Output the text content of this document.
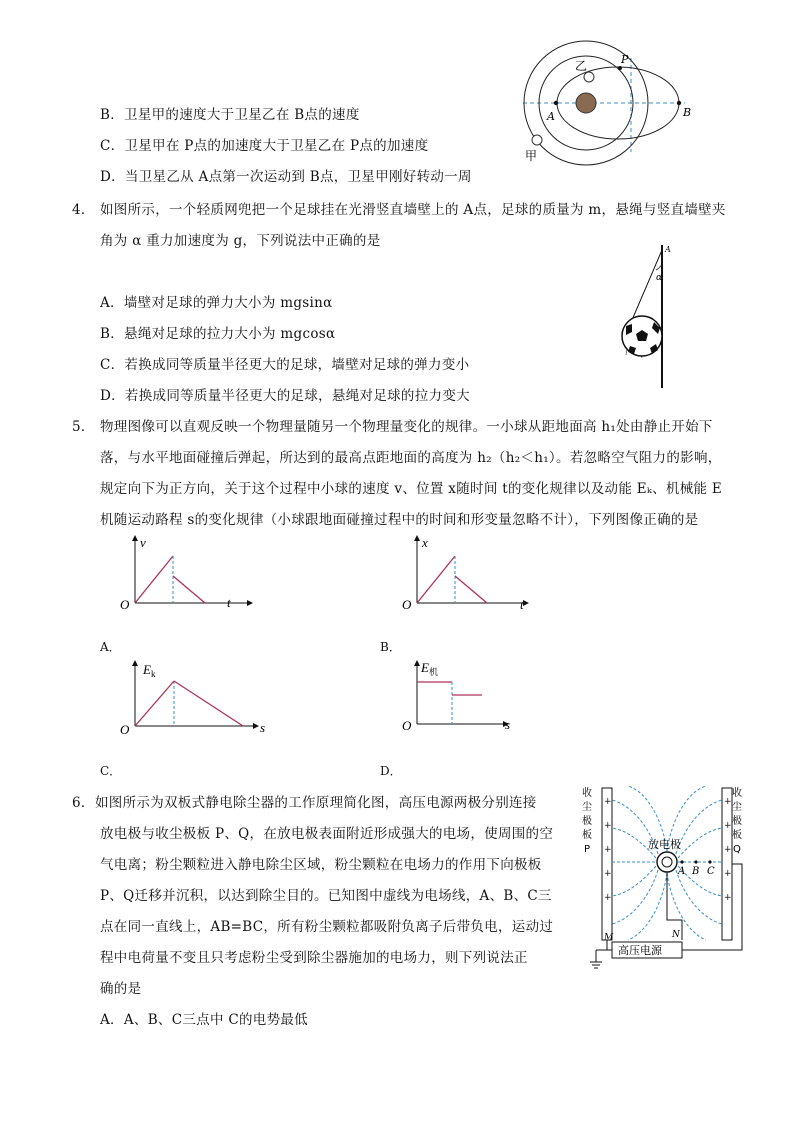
B．卫星甲的速度大于卫星乙在 B点的速度
C．卫星甲在 P点的加速度大于卫星乙在 P点的加速度
D．当卫星乙从 A点第一次运动到 B点，卫星甲刚好转动一周
乙	P
A	B
甲
4． 如图所示，一个轻质网兜把一个足球挂在光滑竖直墙壁上的 A点，足球的质量为 m，悬绳与竖直墙壁夹
角为 α 重力加速度为 g，下列说法中正确的是
A．墙壁对足球的弹力大小为 mgsinα
B．悬绳对足球的拉力大小为 mgcosα
C．若换成同等质量半径更大的足球，墙壁对足球的弹力变小
D．若换成同等质量半径更大的足球，悬绳对足球的拉力变大
A
α
5． 物理图像可以直观反映一个物理量随另一个物理量变化的规律。一小球从距地面高 h₁处由静止开始下
落，与水平地面碰撞后弹起，所达到的最高点距地面的高度为 h₂（h₂＜h₁）。若忽略空气阻力的影响，
规定向下为正方向，关于这个过程中小球的速度 v、位置 x随时间 t的变化规律以及动能 Eₖ、机械能 E
机随运动路程 s的变化规律（小球跟地面碰撞过程中的时间和形变量忽略不计），下列图像正确的是
v
t
O
A．
x
t
O
B．
$E_k$
s
O
C．
$E_机$
s
O
D．
6． 如图所示为双板式静电除尘器的工作原理简化图，高压电源两极分别连接
放电极与收尘极板 P、Q，在放电极表面附近形成强大的电场，使周围的空
气电离；粉尘颗粒进入静电除尘区域，粉尘颗粒在电场力的作用下向极板
P、Q迁移并沉积，以达到除尘目的。已知图中虚线为电场线，A、B、C三
点在同一直线上，AB=BC，所有粉尘颗粒都吸附负离子后带负电，运动过
程中电荷量不变且只考虑粉尘受到除尘器施加的电场力，则下列说法正
确的是
A．A、B、C三点中 C的电势最低
收
尘
极
板
P
收
尘
极
板
Q
+
+
+
+
+
+
+
+
+
+
放电极
A B C
高压电源
M	N
